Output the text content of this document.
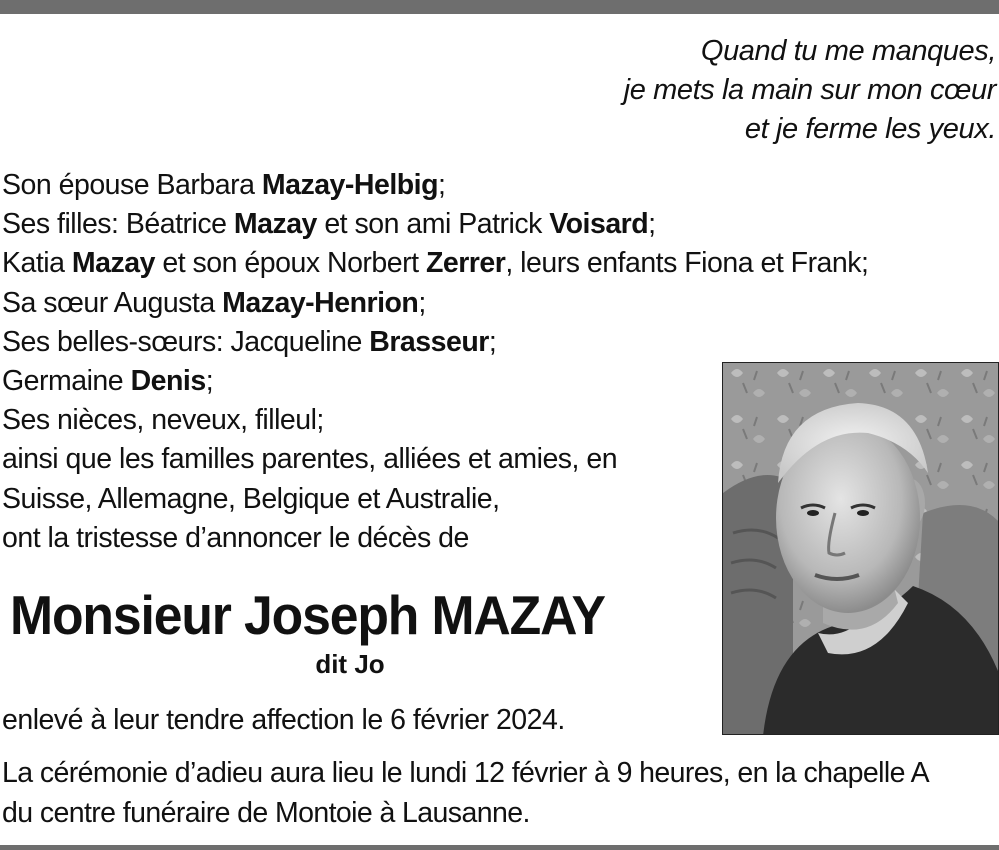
Quand tu me manques,
je mets la main sur mon cœur
et je ferme les yeux.
Son épouse Barbara Mazay-Helbig;
Ses filles: Béatrice Mazay et son ami Patrick Voisard;
Katia Mazay et son époux Norbert Zerrer, leurs enfants Fiona et Frank;
Sa sœur Augusta Mazay-Henrion;
Ses belles-sœurs: Jacqueline Brasseur;
Germaine Denis;
Ses nièces, neveux, filleul;
ainsi que les familles parentes, alliées et amies, en
Suisse, Allemagne, Belgique et Australie,
ont la tristesse d’annoncer le décès de
Monsieur Joseph MAZAY
dit Jo
enlevé à leur tendre affection le 6 février 2024.
La cérémonie d’adieu aura lieu le lundi 12 février à 9 heures, en la chapelle A
du centre funéraire de Montoie à Lausanne.
